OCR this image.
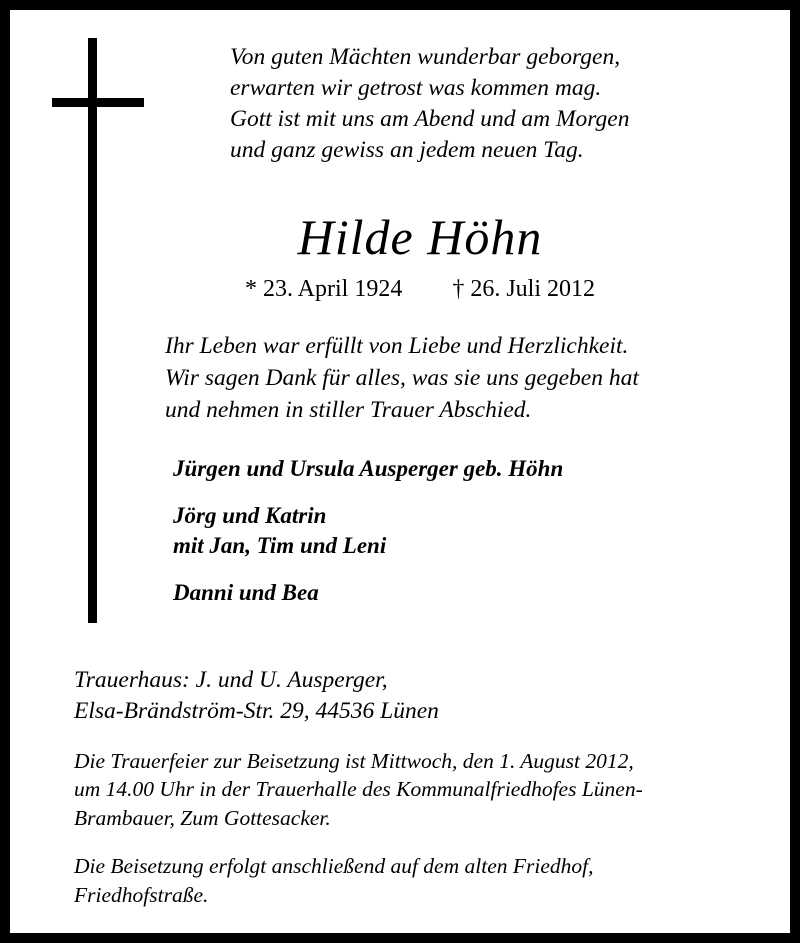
Von guten Mächten wunderbar geborgen,
erwarten wir getrost was kommen mag.
Gott ist mit uns am Abend und am Morgen
und ganz gewiss an jedem neuen Tag.
Hilde Höhn
* 23. April 1924 † 26. Juli 2012
Ihr Leben war erfüllt von Liebe und Herzlichkeit.
Wir sagen Dank für alles, was sie uns gegeben hat
und nehmen in stiller Trauer Abschied.
Jürgen und Ursula Ausperger geb. Höhn
Jörg und Katrin
mit Jan, Tim und Leni
Danni und Bea
Trauerhaus: J. und U. Ausperger,
Elsa-Brändström-Str. 29, 44536 Lünen
Die Trauerfeier zur Beisetzung ist Mittwoch, den 1. August 2012,
um 14.00 Uhr in der Trauerhalle des Kommunalfriedhofes Lünen-
Brambauer, Zum Gottesacker.
Die Beisetzung erfolgt anschließend auf dem alten Friedhof,
Friedhofstraße.
